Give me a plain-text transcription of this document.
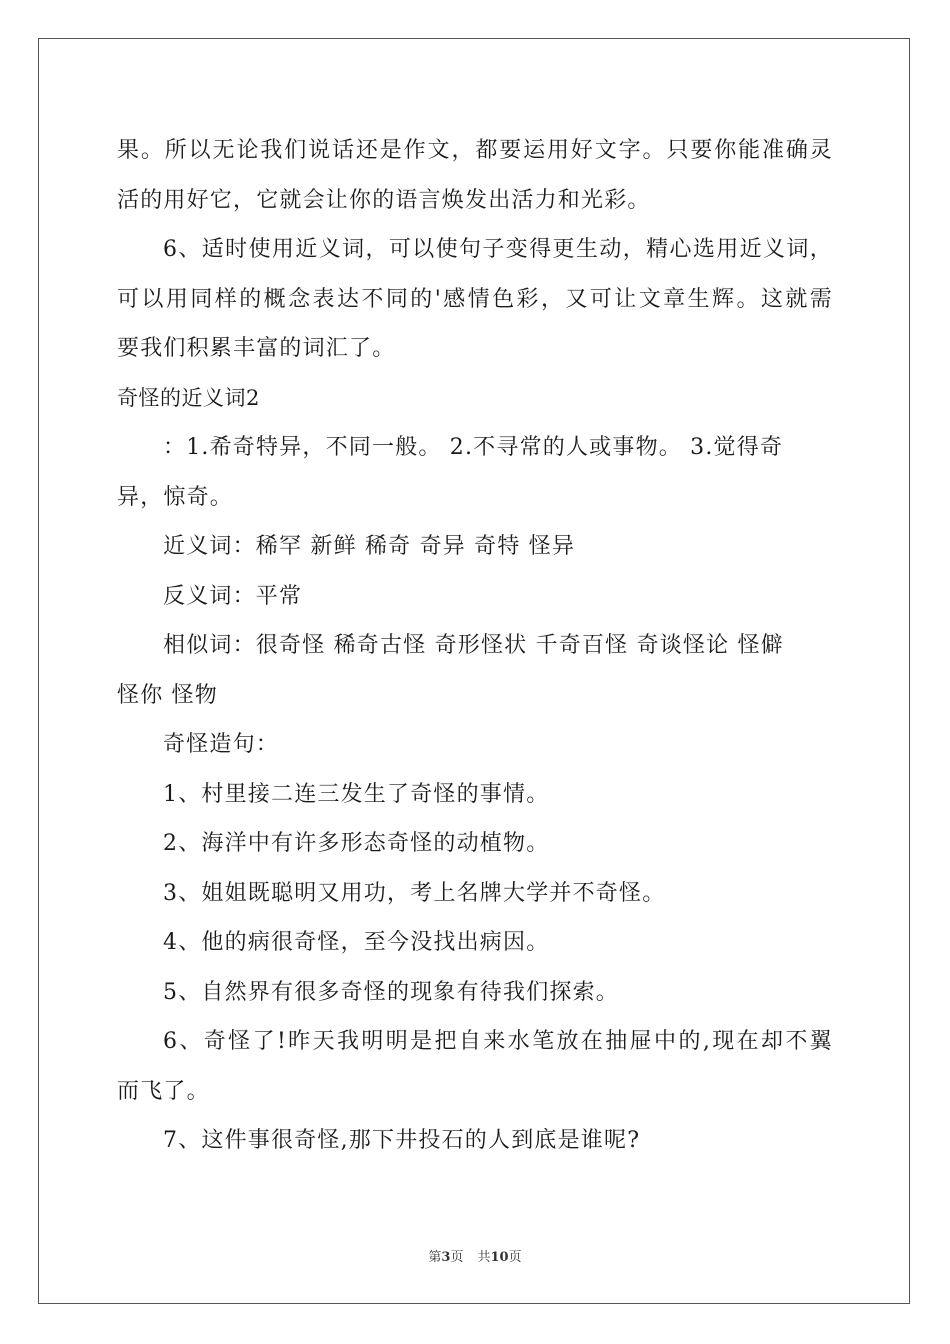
果。所以无论我们说话还是作文，都要运用好文字。只要你能准确灵
活的用好它，它就会让你的语言焕发出活力和光彩。
6、适时使用近义词，可以使句子变得更生动，精心选用近义词，
可以用同样的概念表达不同的'感情色彩，又可让文章生辉。这就需
要我们积累丰富的词汇了。
奇怪的近义词2
：1.希奇特异，不同一般。 2.不寻常的人或事物。 3.觉得奇
异，惊奇。
近义词：稀罕 新鲜 稀奇 奇异 奇特 怪异
反义词：平常
相似词：很奇怪 稀奇古怪 奇形怪状 千奇百怪 奇谈怪论 怪僻
怪你 怪物
奇怪造句：
1、村里接二连三发生了奇怪的事情。
2、海洋中有许多形态奇怪的动植物。
3、姐姐既聪明又用功，考上名牌大学并不奇怪。
4、他的病很奇怪，至今没找出病因。
5、自然界有很多奇怪的现象有待我们探索。
6、奇怪了!昨天我明明是把自来水笔放在抽屉中的,现在却不翼
而飞了。
7、这件事很奇怪,那下井投石的人到底是谁呢?
第3页 共10页
